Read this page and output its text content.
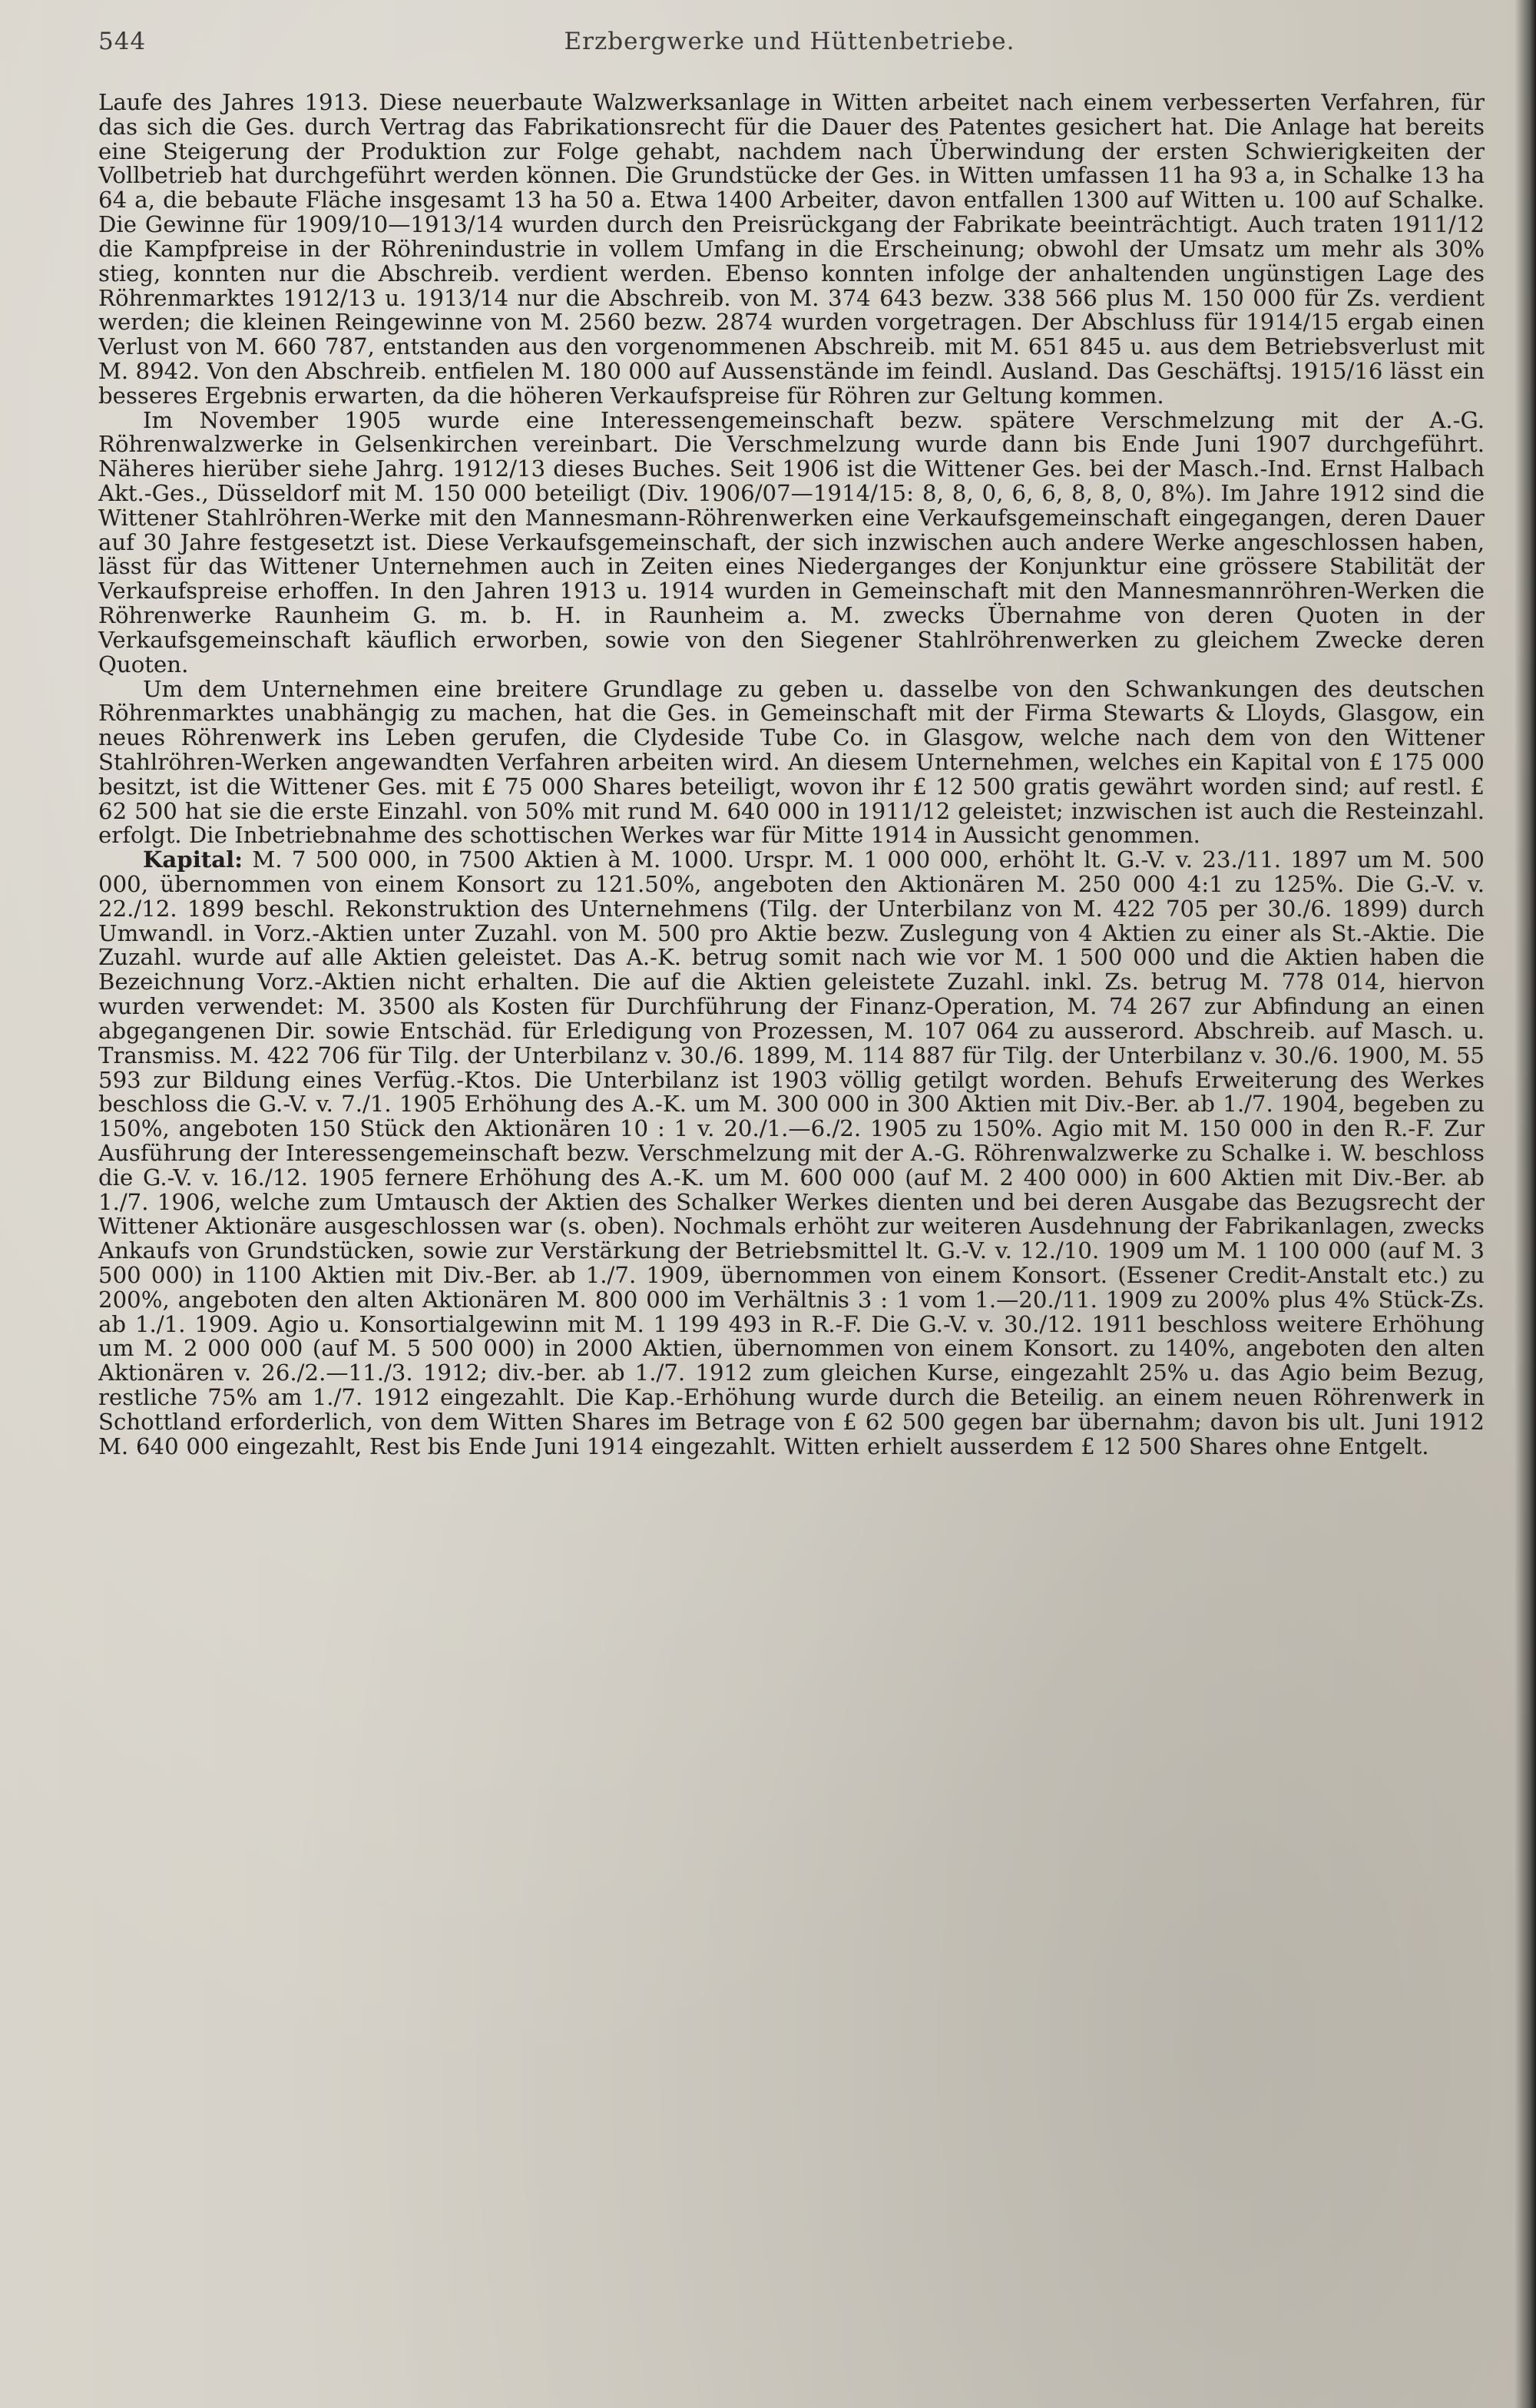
544	Erzbergwerke und Hüttenbetriebe.

Laufe des Jahres 1913. Diese neuerbaute Walzwerksanlage in Witten arbeitet nach einem verbesserten Verfahren, für das sich die Ges. durch Vertrag das Fabrikationsrecht für die Dauer des Patentes gesichert hat. Die Anlage hat bereits eine Steigerung der Produktion zur Folge gehabt, nachdem nach Überwindung der ersten Schwierigkeiten der Vollbetrieb hat durchgeführt werden können. Die Grundstücke der Ges. in Witten umfassen 11 ha 93 a, in Schalke 13 ha 64 a, die bebaute Fläche insgesamt 13 ha 50 a. Etwa 1400 Arbeiter, davon entfallen 1300 auf Witten u. 100 auf Schalke. Die Gewinne für 1909/10—1913/14 wurden durch den Preisrückgang der Fabrikate beeinträchtigt. Auch traten 1911/12 die Kampfpreise in der Röhrenindustrie in vollem Umfang in die Erscheinung; obwohl der Umsatz um mehr als 30% stieg, konnten nur die Abschreib. verdient werden. Ebenso konnten infolge der anhaltenden ungünstigen Lage des Röhrenmarktes 1912/13 u. 1913/14 nur die Abschreib. von M. 374 643 bezw. 338 566 plus M. 150 000 für Zs. verdient werden; die kleinen Reingewinne von M. 2560 bezw. 2874 wurden vorgetragen. Der Abschluss für 1914/15 ergab einen Verlust von M. 660 787, entstanden aus den vorgenommenen Abschreib. mit M. 651 845 u. aus dem Betriebsverlust mit M. 8942. Von den Abschreib. entfielen M. 180 000 auf Aussenstände im feindl. Ausland. Das Geschäftsj. 1915/16 lässt ein besseres Ergebnis erwarten, da die höheren Verkaufspreise für Röhren zur Geltung kommen.

Im November 1905 wurde eine Interessengemeinschaft bezw. spätere Verschmelzung mit der A.-G. Röhrenwalzwerke in Gelsenkirchen vereinbart. Die Verschmelzung wurde dann bis Ende Juni 1907 durchgeführt. Näheres hierüber siehe Jahrg. 1912/13 dieses Buches. Seit 1906 ist die Wittener Ges. bei der Masch.-Ind. Ernst Halbach Akt.-Ges., Düsseldorf mit M. 150 000 beteiligt (Div. 1906/07—1914/15: 8, 8, 0, 6, 6, 8, 8, 0, 8%). Im Jahre 1912 sind die Wittener Stahlröhren-Werke mit den Mannesmann-Röhrenwerken eine Verkaufsgemeinschaft eingegangen, deren Dauer auf 30 Jahre festgesetzt ist. Diese Verkaufsgemeinschaft, der sich inzwischen auch andere Werke angeschlossen haben, lässt für das Wittener Unternehmen auch in Zeiten eines Niederganges der Konjunktur eine grössere Stabilität der Verkaufspreise erhoffen. In den Jahren 1913 u. 1914 wurden in Gemeinschaft mit den Mannesmannröhren-Werken die Röhrenwerke Raunheim G. m. b. H. in Raunheim a. M. zwecks Übernahme von deren Quoten in der Verkaufsgemeinschaft käuflich erworben, sowie von den Siegener Stahlröhrenwerken zu gleichem Zwecke deren Quoten.

Um dem Unternehmen eine breitere Grundlage zu geben u. dasselbe von den Schwankungen des deutschen Röhrenmarktes unabhängig zu machen, hat die Ges. in Gemeinschaft mit der Firma Stewarts & Lloyds, Glasgow, ein neues Röhrenwerk ins Leben gerufen, die Clydeside Tube Co. in Glasgow, welche nach dem von den Wittener Stahlröhren-Werken angewandten Verfahren arbeiten wird. An diesem Unternehmen, welches ein Kapital von £ 175 000 besitzt, ist die Wittener Ges. mit £ 75 000 Shares beteiligt, wovon ihr £ 12 500 gratis gewährt worden sind; auf restl. £ 62 500 hat sie die erste Einzahl. von 50% mit rund M. 640 000 in 1911/12 geleistet; inzwischen ist auch die Resteinzahl. erfolgt. Die Inbetriebnahme des schottischen Werkes war für Mitte 1914 in Aussicht genommen.

Kapital: M. 7 500 000, in 7500 Aktien à M. 1000. Urspr. M. 1 000 000, erhöht lt. G.-V. v. 23./11. 1897 um M. 500 000, übernommen von einem Konsort zu 121.50%, angeboten den Aktionären M. 250 000 4:1 zu 125%. Die G.-V. v. 22./12. 1899 beschl. Rekonstruktion des Unternehmens (Tilg. der Unterbilanz von M. 422 705 per 30./6. 1899) durch Umwandl. in Vorz.-Aktien unter Zuzahl. von M. 500 pro Aktie bezw. Zuslegung von 4 Aktien zu einer als St.-Aktie. Die Zuzahl. wurde auf alle Aktien geleistet. Das A.-K. betrug somit nach wie vor M. 1 500 000 und die Aktien haben die Bezeichnung Vorz.-Aktien nicht erhalten. Die auf die Aktien geleistete Zuzahl. inkl. Zs. betrug M. 778 014, hiervon wurden verwendet: M. 3500 als Kosten für Durchführung der Finanz-Operation, M. 74 267 zur Abfindung an einen abgegangenen Dir. sowie Entschäd. für Erledigung von Prozessen, M. 107 064 zu ausserord. Abschreib. auf Masch. u. Transmiss. M. 422 706 für Tilg. der Unterbilanz v. 30./6. 1899, M. 114 887 für Tilg. der Unterbilanz v. 30./6. 1900, M. 55 593 zur Bildung eines Verfüg.-Ktos. Die Unterbilanz ist 1903 völlig getilgt worden. Behufs Erweiterung des Werkes beschloss die G.-V. v. 7./1. 1905 Erhöhung des A.-K. um M. 300 000 in 300 Aktien mit Div.-Ber. ab 1./7. 1904, begeben zu 150%, angeboten 150 Stück den Aktionären 10 : 1 v. 20./1.—6./2. 1905 zu 150%. Agio mit M. 150 000 in den R.-F. Zur Ausführung der Interessengemeinschaft bezw. Verschmelzung mit der A.-G. Röhrenwalzwerke zu Schalke i. W. beschloss die G.-V. v. 16./12. 1905 fernere Erhöhung des A.-K. um M. 600 000 (auf M. 2 400 000) in 600 Aktien mit Div.-Ber. ab 1./7. 1906, welche zum Umtausch der Aktien des Schalker Werkes dienten und bei deren Ausgabe das Bezugsrecht der Wittener Aktionäre ausgeschlossen war (s. oben). Nochmals erhöht zur weiteren Ausdehnung der Fabrikanlagen, zwecks Ankaufs von Grundstücken, sowie zur Verstärkung der Betriebsmittel lt. G.-V. v. 12./10. 1909 um M. 1 100 000 (auf M. 3 500 000) in 1100 Aktien mit Div.-Ber. ab 1./7. 1909, übernommen von einem Konsort. (Essener Credit-Anstalt etc.) zu 200%, angeboten den alten Aktionären M. 800 000 im Verhältnis 3 : 1 vom 1.—20./11. 1909 zu 200% plus 4% Stück-Zs. ab 1./1. 1909. Agio u. Konsortialgewinn mit M. 1 199 493 in R.-F. Die G.-V. v. 30./12. 1911 beschloss weitere Erhöhung um M. 2 000 000 (auf M. 5 500 000) in 2000 Aktien, übernommen von einem Konsort. zu 140%, angeboten den alten Aktionären v. 26./2.—11./3. 1912; div.-ber. ab 1./7. 1912 zum gleichen Kurse, eingezahlt 25% u. das Agio beim Bezug, restliche 75% am 1./7. 1912 eingezahlt. Die Kap.-Erhöhung wurde durch die Beteilig. an einem neuen Röhrenwerk in Schottland erforderlich, von dem Witten Shares im Betrage von £ 62 500 gegen bar übernahm; davon bis ult. Juni 1912 M. 640 000 eingezahlt, Rest bis Ende Juni 1914 eingezahlt. Witten erhielt ausserdem £ 12 500 Shares ohne Entgelt.
